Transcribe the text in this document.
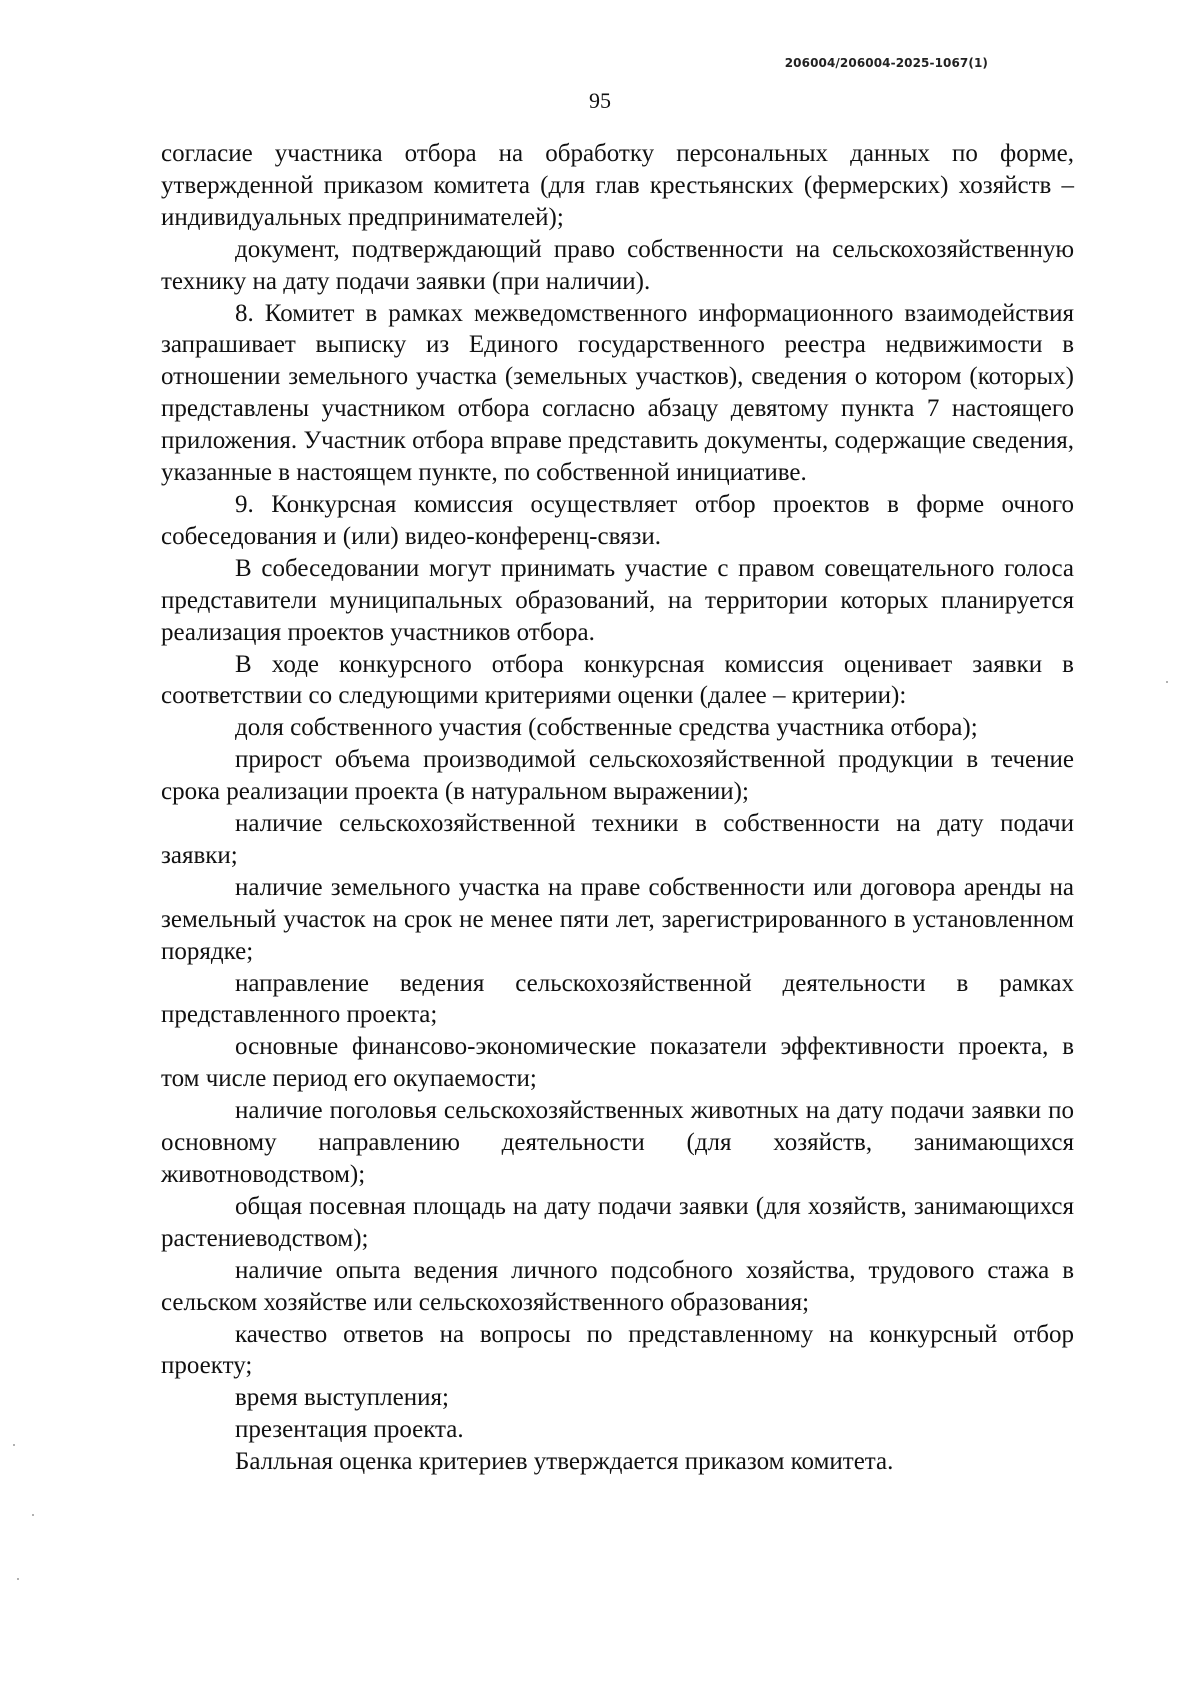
206004/206004-2025-1067(1)
95

согласие участника отбора на обработку персональных данных по форме, утвержденной приказом комитета (для глав крестьянских (фермерских) хозяйств – индивидуальных предпринимателей);

документ, подтверждающий право собственности на сельскохозяйственную технику на дату подачи заявки (при наличии).

8. Комитет в рамках межведомственного информационного взаимодействия запрашивает выписку из Единого государственного реестра недвижимости в отношении земельного участка (земельных участков), сведения о котором (которых) представлены участником отбора согласно абзацу девятому пункта 7 настоящего приложения. Участник отбора вправе представить документы, содержащие сведения, указанные в настоящем пункте, по собственной инициативе.

9. Конкурсная комиссия осуществляет отбор проектов в форме очного собеседования и (или) видео-конференц-связи.

В собеседовании могут принимать участие с правом совещательного голоса представители муниципальных образований, на территории которых планируется реализация проектов участников отбора.

В ходе конкурсного отбора конкурсная комиссия оценивает заявки в соответствии со следующими критериями оценки (далее – критерии):

доля собственного участия (собственные средства участника отбора);

прирост объема производимой сельскохозяйственной продукции в течение срока реализации проекта (в натуральном выражении);

наличие сельскохозяйственной техники в собственности на дату подачи заявки;

наличие земельного участка на праве собственности или договора аренды на земельный участок на срок не менее пяти лет, зарегистрированного в установленном порядке;

направление ведения сельскохозяйственной деятельности в рамках представленного проекта;

основные финансово-экономические показатели эффективности проекта, в том числе период его окупаемости;

наличие поголовья сельскохозяйственных животных на дату подачи заявки по основному направлению деятельности (для хозяйств, занимающихся животноводством);

общая посевная площадь на дату подачи заявки (для хозяйств, занимающихся растениеводством);

наличие опыта ведения личного подсобного хозяйства, трудового стажа в сельском хозяйстве или сельскохозяйственного образования;

качество ответов на вопросы по представленному на конкурсный отбор проекту;

время выступления;

презентация проекта.

Балльная оценка критериев утверждается приказом комитета.
